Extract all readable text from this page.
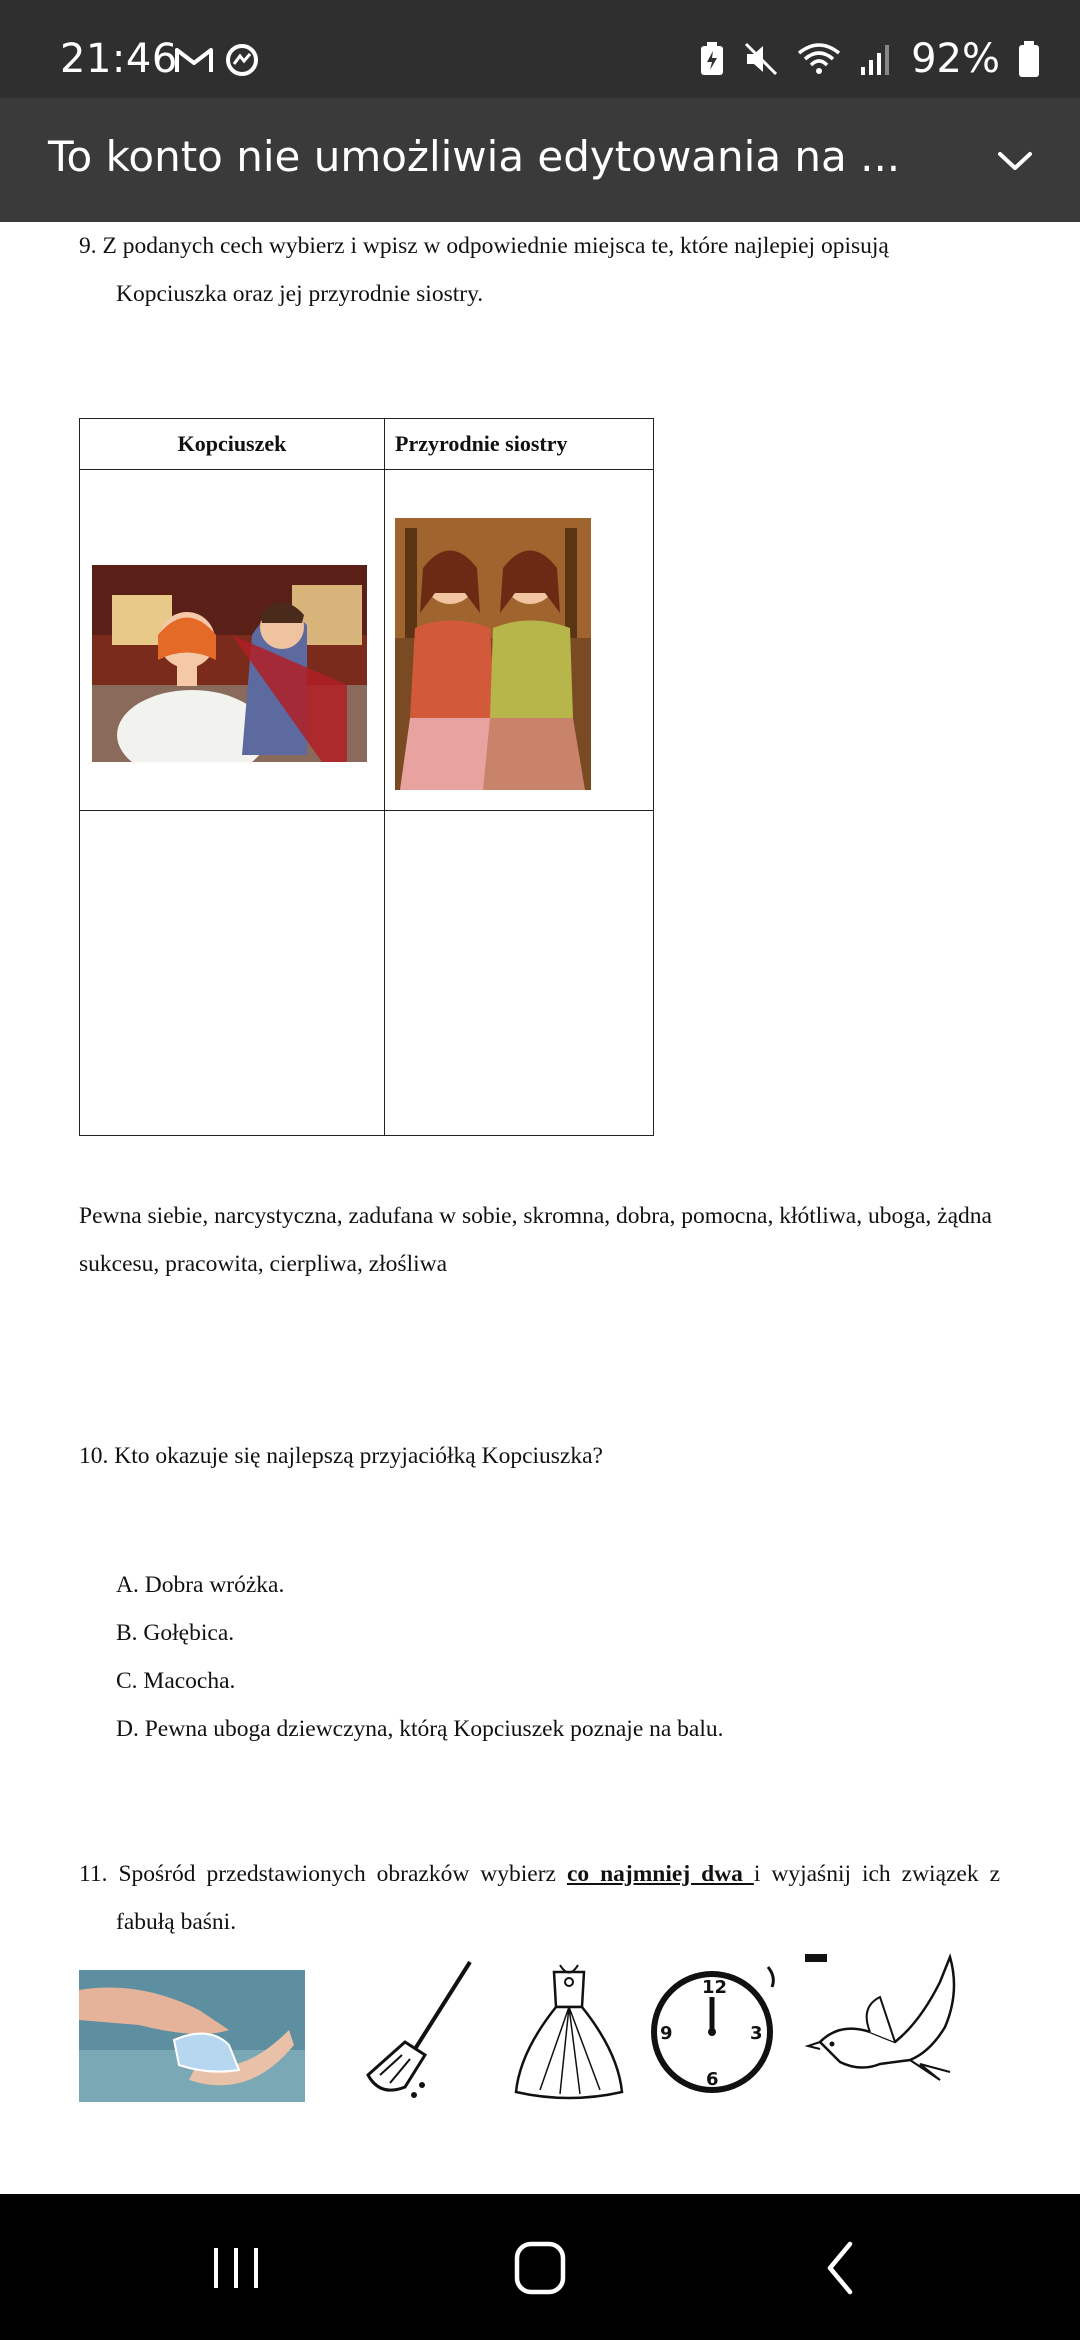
21:46	92%
To konto nie umożliwia edytowania na ...
9. Z podanych cech wybierz i wpisz w odpowiednie miejsca te, które najlepiej opisują
Kopciuszka oraz jej przyrodnie siostry.
Kopciuszek	Przyrodnie siostry

Pewna siebie, narcystyczna, zadufana w sobie, skromna, dobra, pomocna, kłótliwa, uboga, żądna
sukcesu, pracowita, cierpliwa, złośliwa
10. Kto okazuje się najlepszą przyjaciółką Kopciuszka?
A. Dobra wróżka.
B. Gołębica.
C. Macocha.
D. Pewna uboga dziewczyna, którą Kopciuszek poznaje na balu.
11. Spośród przedstawionych obrazków wybierz co najmniej dwa i wyjaśnij ich związek z
fabułą baśni.
12
3
6
9
